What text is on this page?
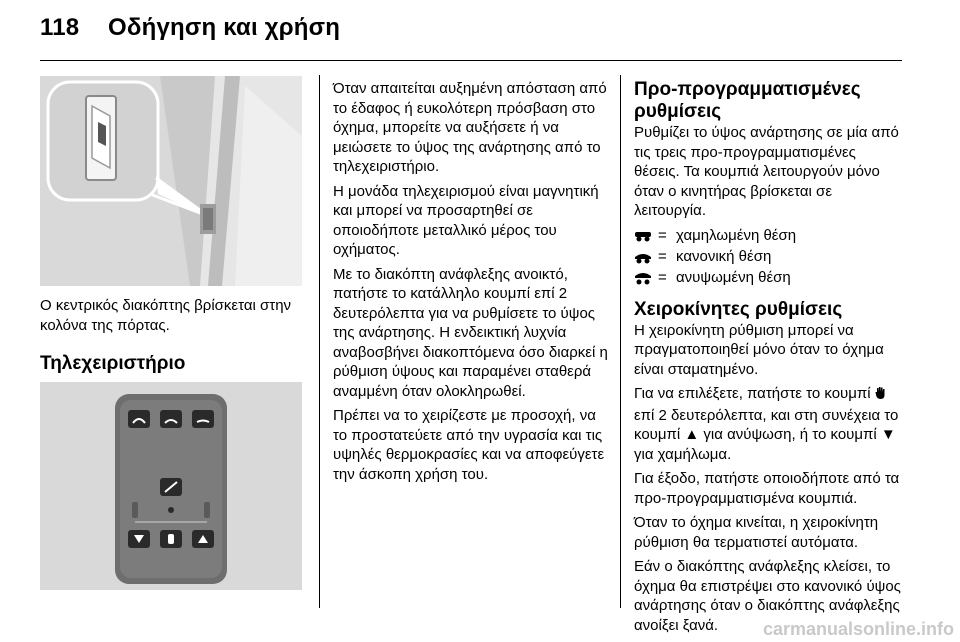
118 Οδήγηση και χρήση

Ο κεντρικός διακόπτης βρίσκεται στην κολόνα της πόρτας.

Τηλεχειριστήριο

Όταν απαιτείται αυξημένη απόσταση από το έδαφος ή ευκολότερη πρόσβαση στο όχημα, μπορείτε να αυξήσετε ή να μειώσετε το ύψος της ανάρτησης από το τηλεχειριστήριο.

Η μονάδα τηλεχειρισμού είναι μαγνητική και μπορεί να προσαρτηθεί σε οποιοδήποτε μεταλλικό μέρος του οχήματος.

Με το διακόπτη ανάφλεξης ανοικτό, πατήστε το κατάλληλο κουμπί επί 2 δευτερόλεπτα για να ρυθμίσετε το ύψος της ανάρτησης. Η ενδεικτική λυχνία αναβοσβήνει διακοπτόμενα όσο διαρκεί η ρύθμιση ύψους και παραμένει σταθερά αναμμένη όταν ολοκληρωθεί.

Πρέπει να το χειρίζεστε με προσοχή, να το προστατεύετε από την υγρασία και τις υψηλές θερμοκρασίες και να αποφεύγετε την άσκοπη χρήση του.

Προ-προγραμματισμένες ρυθμίσεις

Ρυθμίζει το ύψος ανάρτησης σε μία από τις τρεις προ-προγραμματισμένες θέσεις. Τα κουμπιά λειτουργούν μόνο όταν ο κινητήρας βρίσκεται σε λειτουργία.

= χαμηλωμένη θέση
= κανονική θέση
= ανυψωμένη θέση
Χειροκίνητες ρυθμίσεις

Η χειροκίνητη ρύθμιση μπορεί να πραγματοποιηθεί μόνο όταν το όχημα είναι σταματημένο.

Για να επιλέξετε, πατήστε το κουμπί  επί 2 δευτερόλεπτα, και στη συνέχεια το κουμπί ▲ για ανύψωση, ή το κουμπί ▼ για χαμήλωμα.

Για έξοδο, πατήστε οποιοδήποτε από τα προ-προγραμματισμένα κουμπιά.

Όταν το όχημα κινείται, η χειροκίνητη ρύθμιση θα τερματιστεί αυτόματα.

Εάν ο διακόπτης ανάφλεξης κλείσει, το όχημα θα επιστρέψει στο κανονικό ύψος ανάρτησης όταν ο διακόπτης ανάφλεξης ανοίξει ξανά.	carmanualsonline.info
